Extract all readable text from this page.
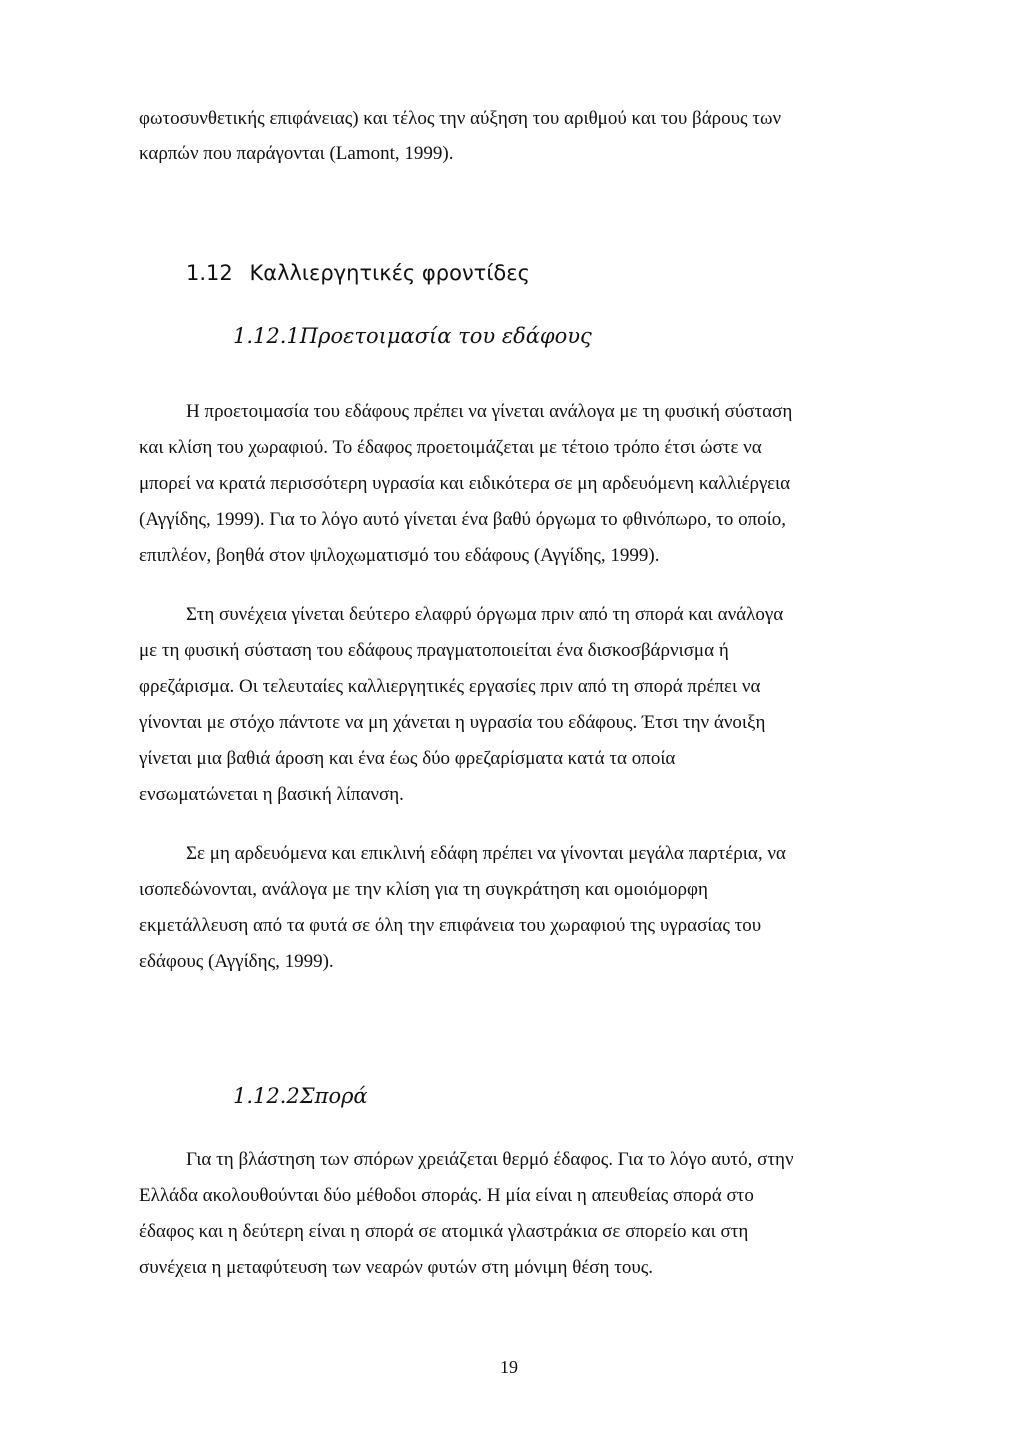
φωτοσυνθετικής επιφάνειας) και τέλος την αύξηση του αριθμού και του βάρους των
καρπών που παράγονται (Lamont, 1999).
1.12 Καλλιεργητικές φροντίδες
1.12.1Προετοιμασία του εδάφους
Η προετοιμασία του εδάφους πρέπει να γίνεται ανάλογα με τη φυσική σύσταση
και κλίση του χωραφιού. Το έδαφος προετοιμάζεται με τέτοιο τρόπο έτσι ώστε να
μπορεί να κρατά περισσότερη υγρασία και ειδικότερα σε μη αρδευόμενη καλλιέργεια
(Αγγίδης, 1999). Για το λόγο αυτό γίνεται ένα βαθύ όργωμα το φθινόπωρο, το οποίο,
επιπλέον, βοηθά στον ψιλοχωματισμό του εδάφους (Αγγίδης, 1999).
Στη συνέχεια γίνεται δεύτερο ελαφρύ όργωμα πριν από τη σπορά και ανάλογα
με τη φυσική σύσταση του εδάφους πραγματοποιείται ένα δισκοσβάρνισμα ή
φρεζάρισμα. Οι τελευταίες καλλιεργητικές εργασίες πριν από τη σπορά πρέπει να
γίνονται με στόχο πάντοτε να μη χάνεται η υγρασία του εδάφους. Έτσι την άνοιξη
γίνεται μια βαθιά άροση και ένα έως δύο φρεζαρίσματα κατά τα οποία
ενσωματώνεται η βασική λίπανση.
Σε μη αρδευόμενα και επικλινή εδάφη πρέπει να γίνονται μεγάλα παρτέρια, να
ισοπεδώνονται, ανάλογα με την κλίση για τη συγκράτηση και ομοιόμορφη
εκμετάλλευση από τα φυτά σε όλη την επιφάνεια του χωραφιού της υγρασίας του
εδάφους (Αγγίδης, 1999).
1.12.2Σπορά
Για τη βλάστηση των σπόρων χρειάζεται θερμό έδαφος. Για το λόγο αυτό, στην
Ελλάδα ακολουθούνται δύο μέθοδοι σποράς. Η μία είναι η απευθείας σπορά στο
έδαφος και η δεύτερη είναι η σπορά σε ατομικά γλαστράκια σε σπορείο και στη
συνέχεια η μεταφύτευση των νεαρών φυτών στη μόνιμη θέση τους.
19
